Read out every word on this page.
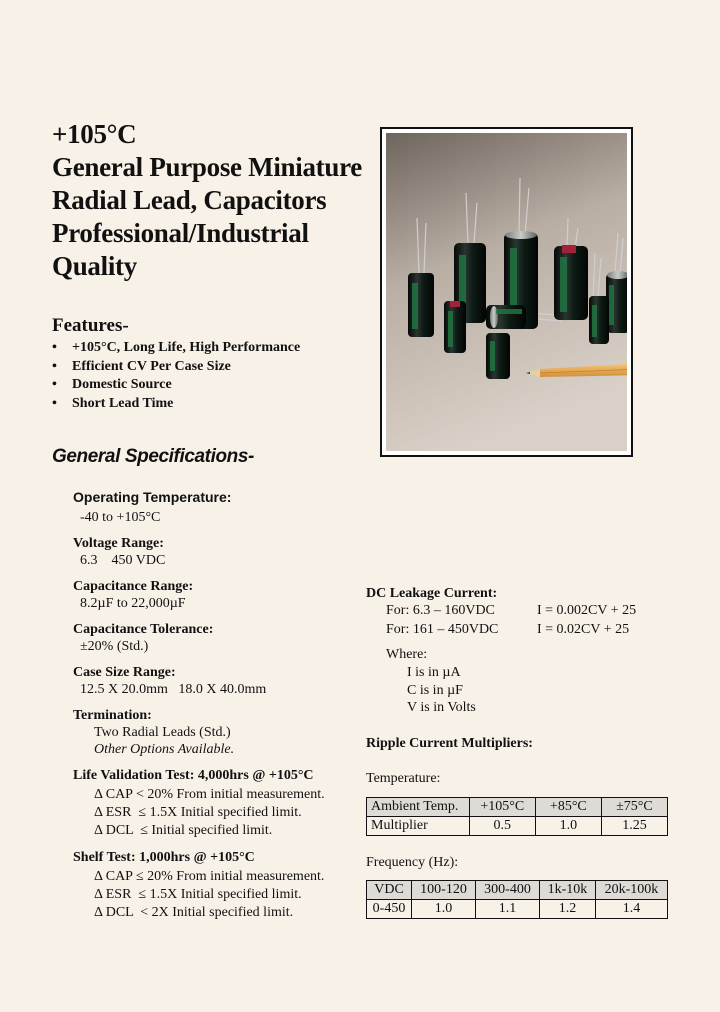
+105°C
General Purpose Miniature
Radial Lead, Capacitors
Professional/Industrial
Quality
Features-
• +105°C, Long Life, High Performance
• Efficient CV Per Case Size
• Domestic Source
• Short Lead Time
General Specifications-
Operating Temperature:
-40 to +105°C
Voltage Range:
6.3    450 VDC
Capacitance Range:
8.2µF to 22,000µF
Capacitance Tolerance:
±20% (Std.)
Case Size Range:
12.5 X 20.0mm   18.0 X 40.0mm
Termination:
Two Radial Leads (Std.)
Other Options Available.
Life Validation Test: 4,000hrs @ +105°C
Δ CAP < 20% From initial measurement.
Δ ESR  ≤ 1.5X Initial specified limit.
Δ DCL  ≤ Initial specified limit.
Shelf Test: 1,000hrs @ +105°C
Δ CAP ≤ 20% From initial measurement.
Δ ESR  ≤ 1.5X Initial specified limit.
Δ DCL  < 2X Initial specified limit.
DC Leakage Current:
For: 6.3 – 160VDC	I = 0.002CV + 25
For: 161 – 450VDC	I = 0.02CV + 25
Where:
I is in µA
C is in µF
V is in Volts
Ripple Current Multipliers:
Temperature:
Ambient Temp.	+105°C	+85°C	±75°C
Multiplier	0.5	1.0	1.25
Frequency (Hz):
VDC	100-120	300-400	1k-10k	20k-100k
0-450	1.0	1.1	1.2	1.4
